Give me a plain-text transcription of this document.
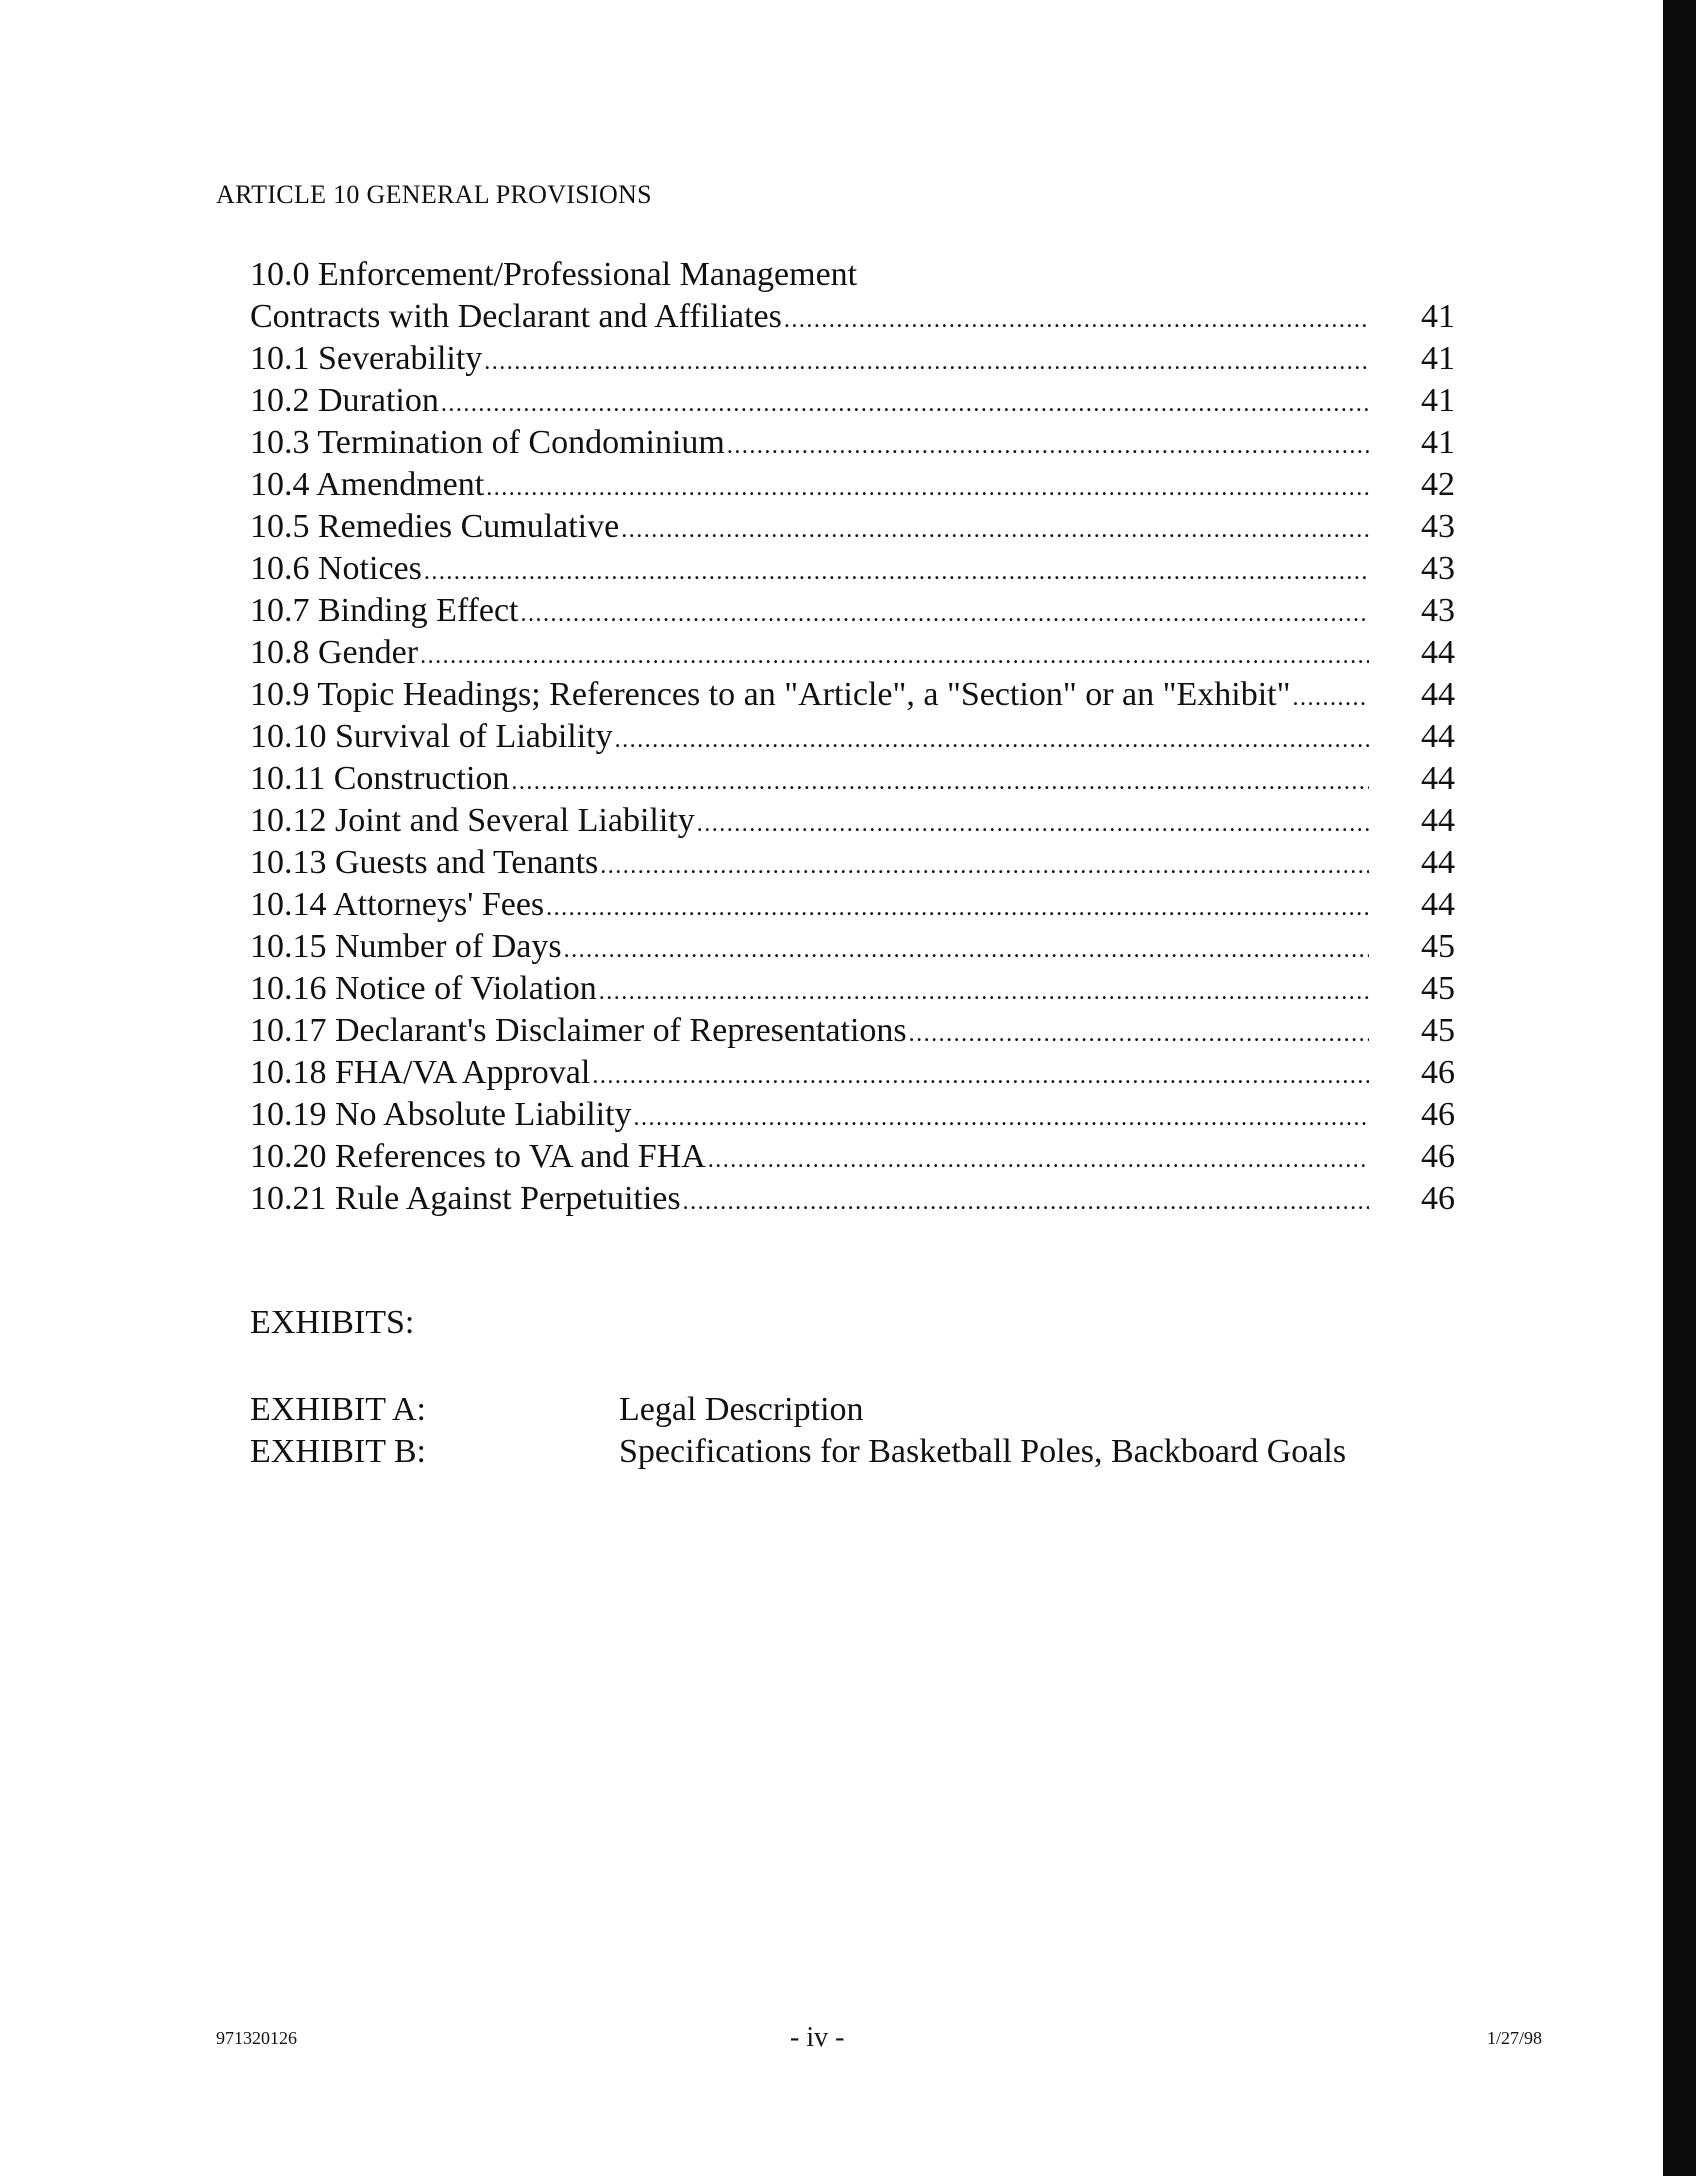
ARTICLE 10 GENERAL PROVISIONS
10.0 Enforcement/Professional Management
Contracts with Declarant and Affiliates .....	41
10.1 Severability .....	41
10.2 Duration .....	41
10.3 Termination of Condominium .....	41
10.4 Amendment .....	42
10.5 Remedies Cumulative .....	43
10.6 Notices .....	43
10.7 Binding Effect .....	43
10.8 Gender .....	44
10.9 Topic Headings; References to an "Article", a "Section" or an "Exhibit" .....	44
10.10 Survival of Liability .....	44
10.11 Construction .....	44
10.12 Joint and Several Liability .....	44
10.13 Guests and Tenants .....	44
10.14 Attorneys' Fees .....	44
10.15 Number of Days .....	45
10.16 Notice of Violation .....	45
10.17 Declarant's Disclaimer of Representations .....	45
10.18 FHA/VA Approval .....	46
10.19 No Absolute Liability .....	46
10.20 References to VA and FHA .....	46
10.21 Rule Against Perpetuities .....	46
EXHIBITS:
EXHIBIT A:	Legal Description
EXHIBIT B:	Specifications for Basketball Poles, Backboard Goals
971320126	- iv -	1/27/98
